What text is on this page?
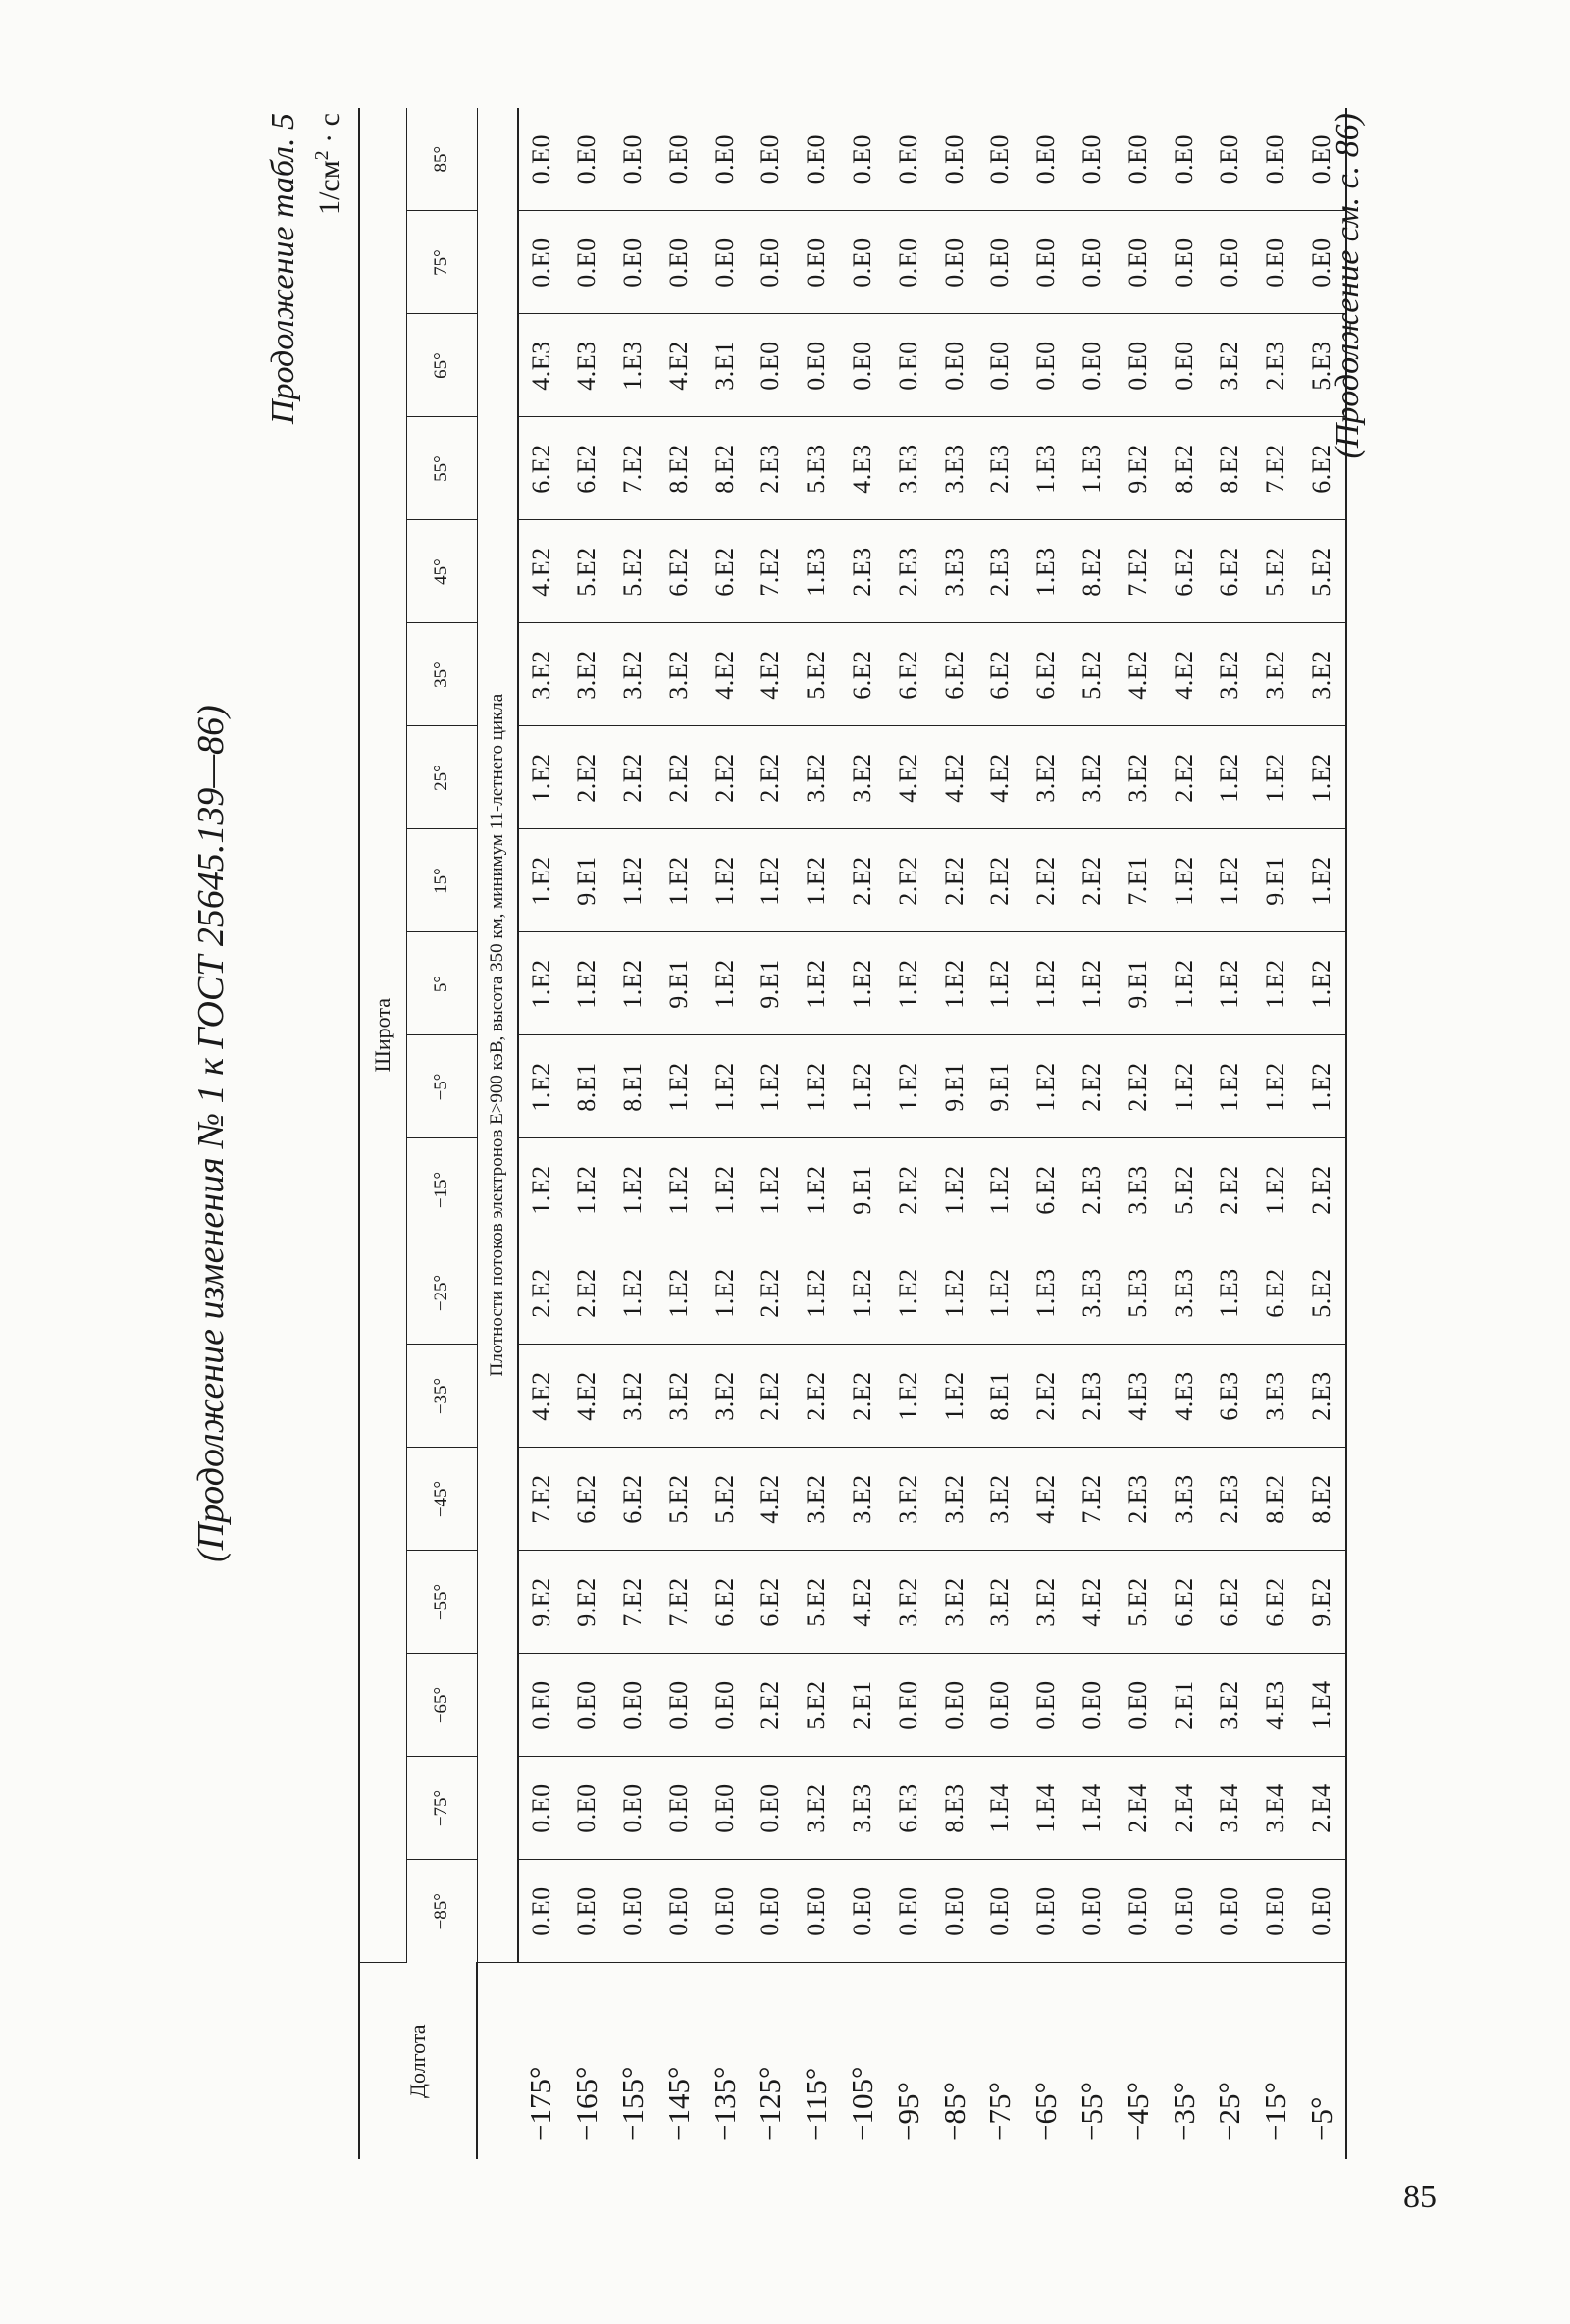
(Продолжение изменения № 1 к ГОСТ 25645.139—86)
Продолжение табл. 5 $1/см^2 \cdot с$
Долгота	Широта																	
	−85°	−75°	−65°	−55°	−45°	−35°	−25°	−15°	−5°	5°	15°	25°	35°	45°	55°	65°	75°	85°
	Плотности потоков электронов E>900 кэВ, высота 350 км, минимум 11-летнего цикла																	
−175°	0.E0	0.E0	0.E0	9.E2	7.E2	4.E2	2.E2	1.E2	1.E2	1.E2	1.E2	1.E2	3.E2	4.E2	6.E2	4.E3	0.E0	0.E0
−165°	0.E0	0.E0	0.E0	9.E2	6.E2	4.E2	2.E2	1.E2	8.E1	1.E2	9.E1	2.E2	3.E2	5.E2	6.E2	4.E3	0.E0	0.E0
−155°	0.E0	0.E0	0.E0	7.E2	6.E2	3.E2	1.E2	1.E2	8.E1	1.E2	1.E2	2.E2	3.E2	5.E2	7.E2	1.E3	0.E0	0.E0
−145°	0.E0	0.E0	0.E0	7.E2	5.E2	3.E2	1.E2	1.E2	1.E2	9.E1	1.E2	2.E2	3.E2	6.E2	8.E2	4.E2	0.E0	0.E0
−135°	0.E0	0.E0	0.E0	6.E2	5.E2	3.E2	1.E2	1.E2	1.E2	1.E2	1.E2	2.E2	4.E2	6.E2	8.E2	3.E1	0.E0	0.E0
−125°	0.E0	0.E0	2.E2	6.E2	4.E2	2.E2	2.E2	1.E2	1.E2	9.E1	1.E2	2.E2	4.E2	7.E2	2.E3	0.E0	0.E0	0.E0
−115°	0.E0	3.E2	5.E2	5.E2	3.E2	2.E2	1.E2	1.E2	1.E2	1.E2	1.E2	3.E2	5.E2	1.E3	5.E3	0.E0	0.E0	0.E0
−105°	0.E0	3.E3	2.E1	4.E2	3.E2	2.E2	1.E2	9.E1	1.E2	1.E2	2.E2	3.E2	6.E2	2.E3	4.E3	0.E0	0.E0	0.E0
−95°	0.E0	6.E3	0.E0	3.E2	3.E2	1.E2	1.E2	2.E2	1.E2	1.E2	2.E2	4.E2	6.E2	2.E3	3.E3	0.E0	0.E0	0.E0
−85°	0.E0	8.E3	0.E0	3.E2	3.E2	1.E2	1.E2	1.E2	9.E1	1.E2	2.E2	4.E2	6.E2	3.E3	3.E3	0.E0	0.E0	0.E0
−75°	0.E0	1.E4	0.E0	3.E2	3.E2	8.E1	1.E2	1.E2	9.E1	1.E2	2.E2	4.E2	6.E2	2.E3	2.E3	0.E0	0.E0	0.E0
−65°	0.E0	1.E4	0.E0	3.E2	4.E2	2.E2	1.E3	6.E2	1.E2	1.E2	2.E2	3.E2	6.E2	1.E3	1.E3	0.E0	0.E0	0.E0
−55°	0.E0	1.E4	0.E0	4.E2	7.E2	2.E3	3.E3	2.E3	2.E2	1.E2	2.E2	3.E2	5.E2	8.E2	1.E3	0.E0	0.E0	0.E0
−45°	0.E0	2.E4	0.E0	5.E2	2.E3	4.E3	5.E3	3.E3	2.E2	9.E1	7.E1	3.E2	4.E2	7.E2	9.E2	0.E0	0.E0	0.E0
−35°	0.E0	2.E4	2.E1	6.E2	3.E3	4.E3	3.E3	5.E2	1.E2	1.E2	1.E2	2.E2	4.E2	6.E2	8.E2	0.E0	0.E0	0.E0
−25°	0.E0	3.E4	3.E2	6.E2	2.E3	6.E3	1.E3	2.E2	1.E2	1.E2	1.E2	1.E2	3.E2	6.E2	8.E2	3.E2	0.E0	0.E0
−15°	0.E0	3.E4	4.E3	6.E2	8.E2	3.E3	6.E2	1.E2	1.E2	1.E2	9.E1	1.E2	3.E2	5.E2	7.E2	2.E3	0.E0	0.E0
−5°	0.E0	2.E4	1.E4	9.E2	8.E2	2.E3	5.E2	2.E2	1.E2	1.E2	1.E2	1.E2	3.E2	5.E2	6.E2	5.E3	0.E0	0.E0
(Продолжение см. с. 86)
85
